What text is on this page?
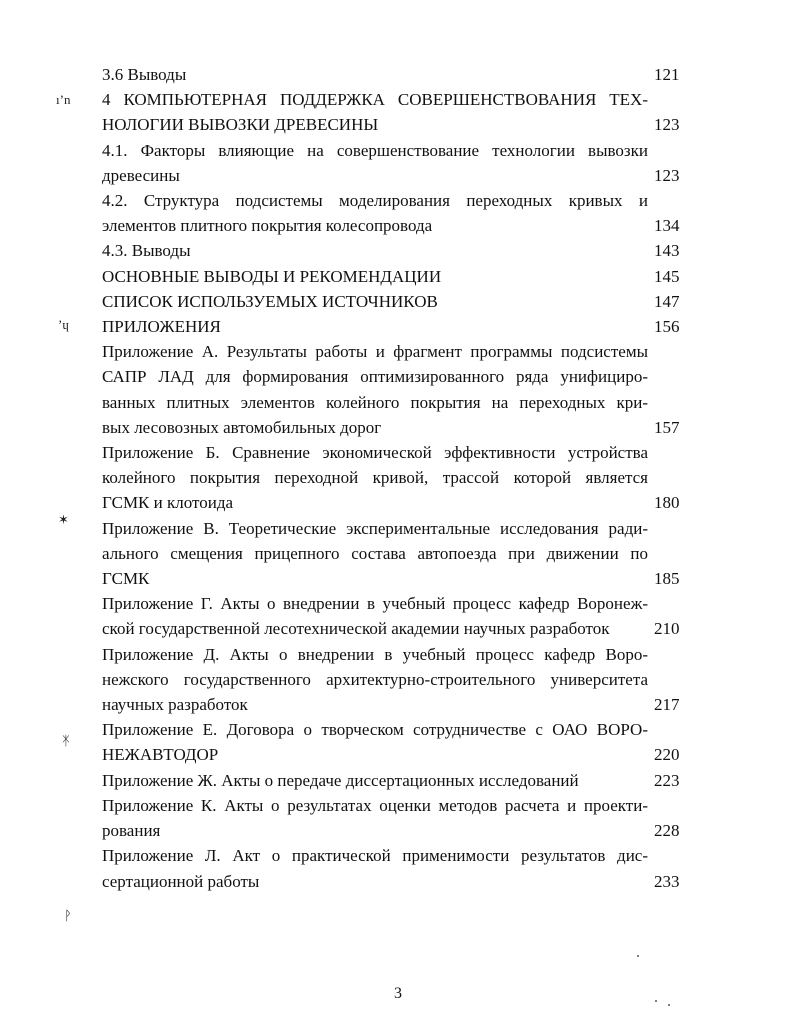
3.6 Выводы	121
4 КОМПЬЮТЕРНАЯ ПОДДЕРЖКА СОВЕРШЕНСТВОВАНИЯ ТЕХ-
НОЛОГИИ ВЫВОЗКИ ДРЕВЕСИНЫ	123
4.1. Факторы влияющие на совершенствование технологии вывозки
древесины	123
4.2. Структура подсистемы моделирования переходных кривых и
элементов плитного покрытия колесопровода	134
4.3. Выводы	143
ОСНОВНЫЕ ВЫВОДЫ И РЕКОМЕНДАЦИИ	145
СПИСОК ИСПОЛЬЗУЕМЫХ ИСТОЧНИКОВ	147
ПРИЛОЖЕНИЯ	156
Приложение А. Результаты работы и фрагмент программы подсистемы
САПР ЛАД для формирования оптимизированного ряда унифициро-
ванных плитных элементов колейного покрытия на переходных кри-
вых лесовозных автомобильных дорог	157
Приложение Б. Сравнение экономической эффективности устройства
колейного покрытия переходной кривой, трассой которой является
ГСМК и клотоида	180
Приложение В. Теоретические экспериментальные исследования ради-
ального смещения прицепного состава автопоезда при движении по
ГСМК	185
Приложение Г. Акты о внедрении в учебный процесс кафедр Воронеж-
ской государственной лесотехнической академии научных разработок	210
Приложение Д. Акты о внедрении в учебный процесс кафедр Воро-
нежского государственного архитектурно-строительного университета
научных разработок	217
Приложение Е. Договора о творческом сотрудничестве с ОАО ВОРО-
НЕЖАВТОДОР	220
Приложение Ж. Акты о передаче диссертационных исследований	223
Приложение К. Акты о результатах оценки методов расчета и проекти-
рования	228
Приложение Л. Акт о практической применимости результатов дис-
сертационной работы	233
3
ıʼn
ʼɥ
✶
ᛡ
ᚹ
